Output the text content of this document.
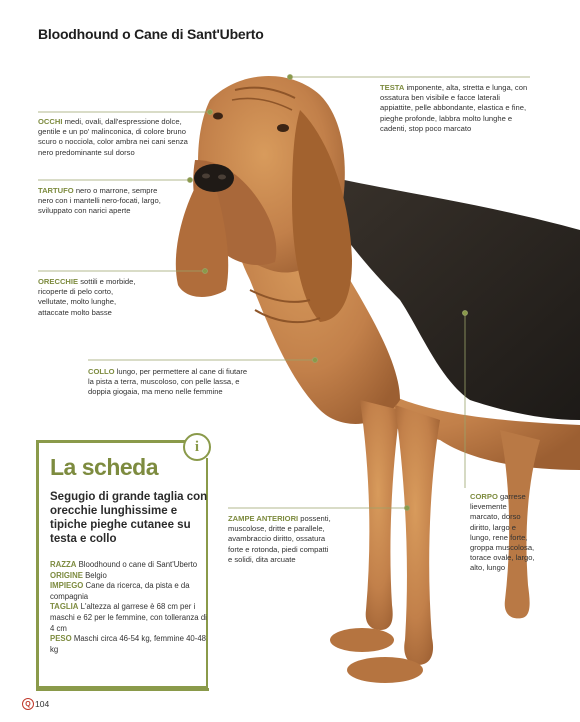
Bloodhound o Cane di Sant'Uberto
TESTA imponente, alta, stretta e lunga, con ossatura ben visibile e facce laterali appiattite, pelle abbondante, elastica e fine, pieghe profonde, labbra molto lunghe e cadenti, stop poco marcato
OCCHI medi, ovali, dall'espressione dolce, gentile e un po' malinconica, di colore bruno scuro o nocciola, color ambra nei cani senza nero predominante sul dorso
TARTUFO nero o marrone, sempre nero con i mantelli nero-focati, largo, sviluppato con narici aperte
ORECCHIE sottili e morbide, ricoperte di pelo corto, vellutate, molto lunghe, attaccate molto basse
COLLO lungo, per permettere al cane di fiutare la pista a terra, muscoloso, con pelle lassa, e doppia giogaia, ma meno nelle femmine
ZAMPE ANTERIORI possenti, muscolose, dritte e parallele, avambraccio diritto, ossatura forte e rotonda, piedi compatti e solidi, dita arcuate
CORPO garrese lievemente marcato, dorso diritto, largo e lungo, rene forte, groppa muscolosa, torace ovale, largo, alto, lungo
i
La scheda
Segugio di grande taglia con orecchie lunghissime e tipiche pieghe cutanee su testa e collo
RAZZA Bloodhound o cane di Sant'Uberto
ORIGINE Belgio
IMPIEGO Cane da ricerca, da pista e da compagnia
TAGLIA L'altezza al garrese è 68 cm per i maschi e 62 per le femmine, con tolleranza di 4 cm
PESO Maschi circa 46-54 kg, femmine 40-48 kg
Q 104
